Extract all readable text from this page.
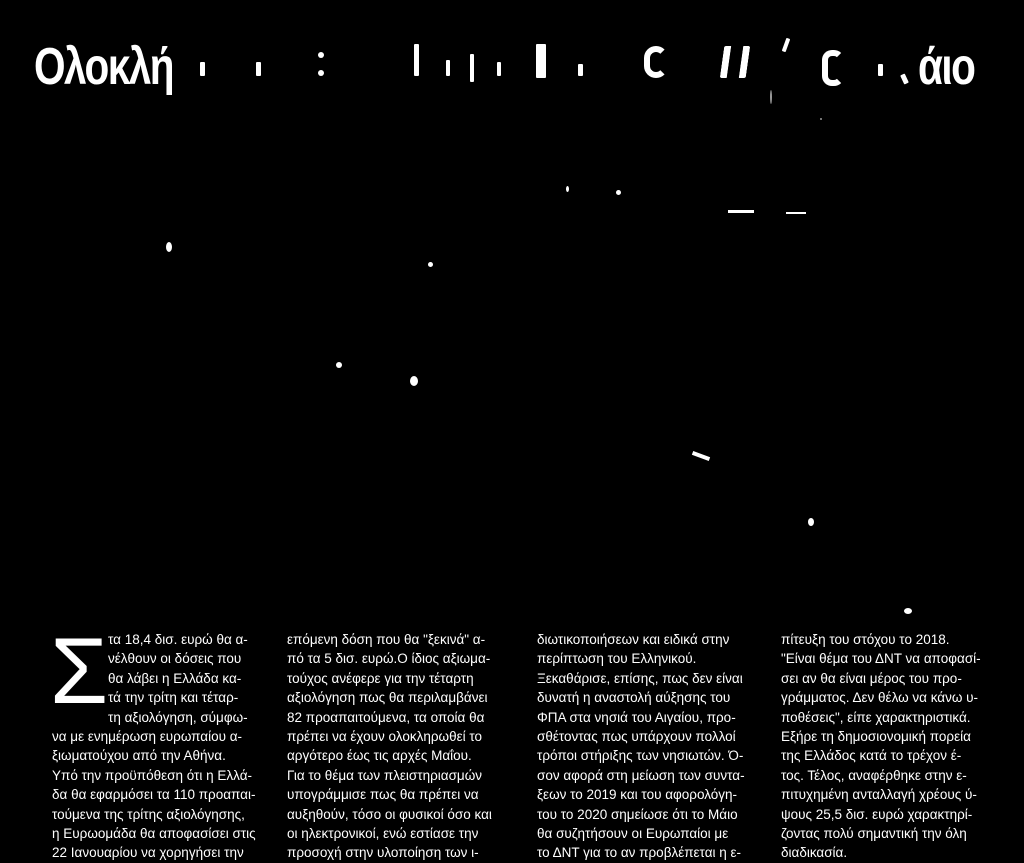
Ολοκλή	άιο
Σ τα 18,4 δισ. ευρώ θα α-
νέλθουν οι δόσεις που
θα λάβει η Ελλάδα κα-
τά την τρίτη και τέταρ-
τη αξιολόγηση, σύμφω-
να με ενημέρωση ευρωπαίου α-
ξιωματούχου από την Αθήνα.
Υπό την προϋπόθεση ότι η Ελλά-
δα θα εφαρμόσει τα 110 προαπαι-
τούμενα της τρίτης αξιολόγησης,
η Ευρωομάδα θα αποφασίσει στις
22 Ιανουαρίου να χορηγήσει την
επόμενη δόση που θα "ξεκινά" α-
πό τα 5 δισ. ευρώ.Ο ίδιος αξιωμα-
τούχος ανέφερε για την τέταρτη
αξιολόγηση πως θα περιλαμβάνει
82 προαπαιτούμενα, τα οποία θα
πρέπει να έχουν ολοκληρωθεί το
αργότερο έως τις αρχές Μαΐου.
Για το θέμα των πλειστηριασμών
υπογράμμισε πως θα πρέπει να
αυξηθούν, τόσο οι φυσικοί όσο και
οι ηλεκτρονικοί, ενώ εστίασε την
προσοχή στην υλοποίηση των ι-
διωτικοποιήσεων και ειδικά στην
περίπτωση του Ελληνικού.
Ξεκαθάρισε, επίσης, πως δεν είναι
δυνατή η αναστολή αύξησης του
ΦΠΑ στα νησιά του Αιγαίου, προ-
σθέτοντας πως υπάρχουν πολλοί
τρόποι στήριξης των νησιωτών. Ό-
σον αφορά στη μείωση των συντα-
ξεων το 2019 και του αφορολόγη-
του το 2020 σημείωσε ότι το Μάιο
θα συζητήσουν οι Ευρωπαίοι με
το ΔΝΤ για το αν προβλέπεται η ε-
πίτευξη του στόχου το 2018.
"Είναι θέμα του ΔΝΤ να αποφασί-
σει αν θα είναι μέρος του προ-
γράμματος. Δεν θέλω να κάνω υ-
ποθέσεις", είπε χαρακτηριστικά.
Εξήρε τη δημοσιονομική πορεία
της Ελλάδος κατά το τρέχον έ-
τος. Τέλος, αναφέρθηκε στην ε-
πιτυχημένη ανταλλαγή χρέους ύ-
ψους 25,5 δισ. ευρώ χαρακτηρί-
ζοντας πολύ σημαντική την όλη
διαδικασία.
